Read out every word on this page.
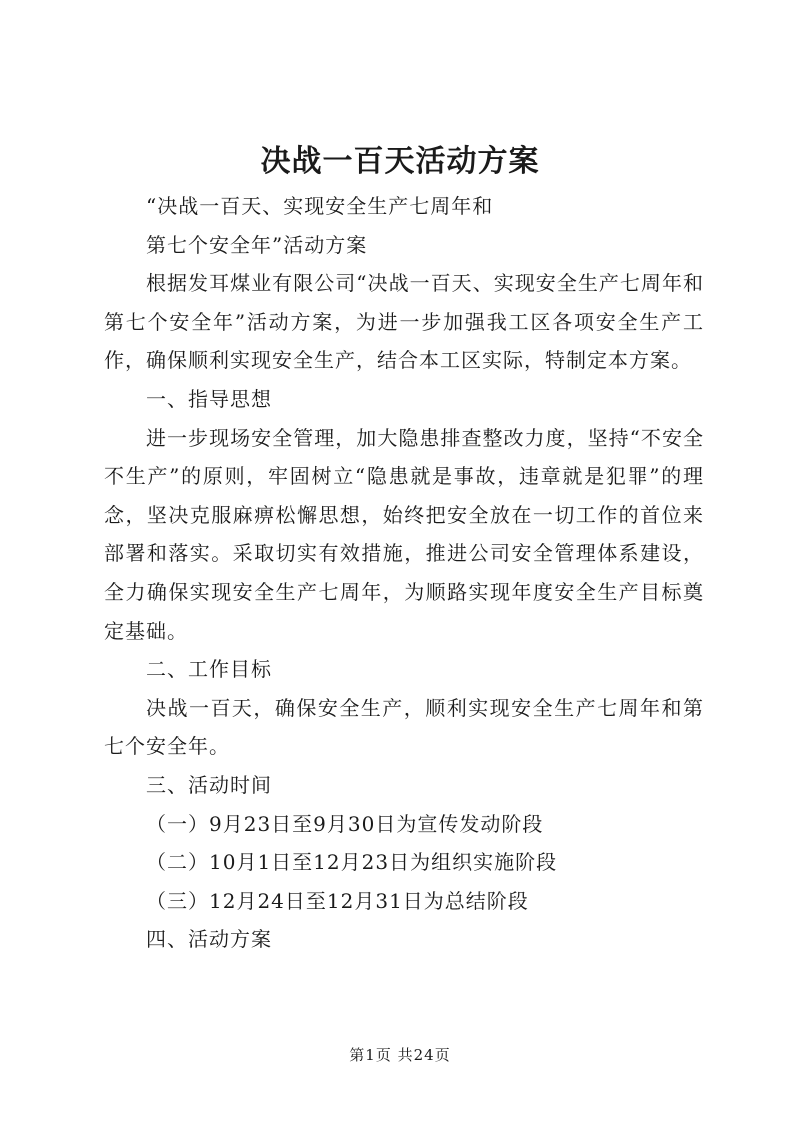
决战一百天活动方案

“决战一百天、实现安全生产七周年和

第七个安全年”活动方案

根据发耳煤业有限公司“决战一百天、实现安全生产七周年和第七个安全年”活动方案，为进一步加强我工区各项安全生产工作，确保顺利实现安全生产，结合本工区实际，特制定本方案。

一、指导思想

进一步现场安全管理，加大隐患排查整改力度，坚持“不安全不生产”的原则，牢固树立“隐患就是事故，违章就是犯罪”的理念，坚决克服麻痹松懈思想，始终把安全放在一切工作的首位来部署和落实。采取切实有效措施，推进公司安全管理体系建设，全力确保实现安全生产七周年，为顺路实现年度安全生产目标奠定基础。

二、工作目标

决战一百天，确保安全生产，顺利实现安全生产七周年和第七个安全年。

三、活动时间

（一）9月23日至9月30日为宣传发动阶段

（二）10月1日至12月23日为组织实施阶段

（三）12月24日至12月31日为总结阶段

四、活动方案

第1页 共24页
